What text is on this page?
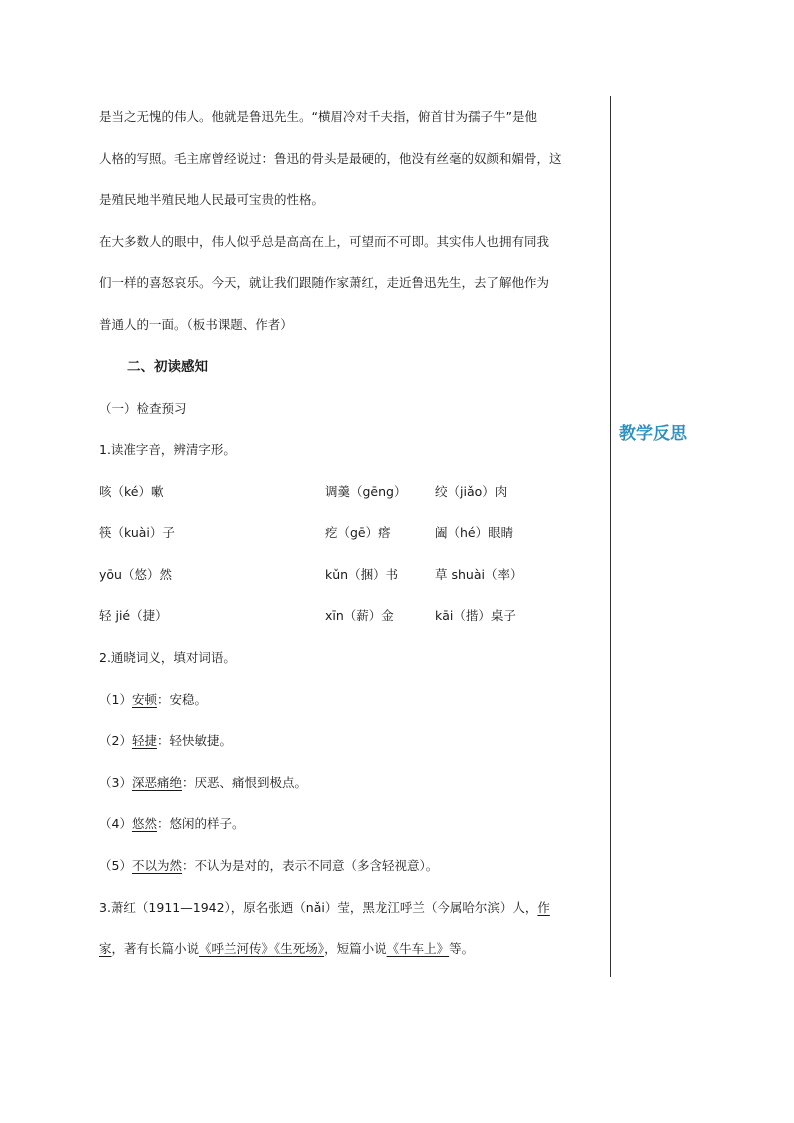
教学反思
是当之无愧的伟人。他就是鲁迅先生。“横眉冷对千夫指，俯首甘为孺子牛”是他
人格的写照。毛主席曾经说过：鲁迅的骨头是最硬的，他没有丝毫的奴颜和媚骨，这
是殖民地半殖民地人民最可宝贵的性格。
在大多数人的眼中，伟人似乎总是高高在上，可望而不可即。其实伟人也拥有同我
们一样的喜怒哀乐。今天，就让我们跟随作家萧红，走近鲁迅先生，去了解他作为
普通人的一面。（板书课题、作者）
二、初读感知
（一）检查预习
1.读准字音，辨清字形。
咳（ké）嗽	调羹（gēng） 绞（jiǎo）肉
筷（kuài）子	疙（gē）瘩	阖（hé）眼睛
yōu（悠）然	kǔn（捆）书	草 shuài（率）
轻 jié（捷）	xīn（薪）金	kāi（揩）桌子
2.通晓词义，填对词语。
（1）安顿：安稳。
（2）轻捷：轻快敏捷。
（3）深恶痛绝：厌恶、痛恨到极点。
（4）悠然：悠闲的样子。
（5）不以为然：不认为是对的，表示不同意（多含轻视意）。
3.萧红（1911—1942），原名张迺（nǎi）莹，黑龙江呼兰（今属哈尔滨）人，作
家，著有长篇小说《呼兰河传》《生死场》，短篇小说《牛车上》等。
